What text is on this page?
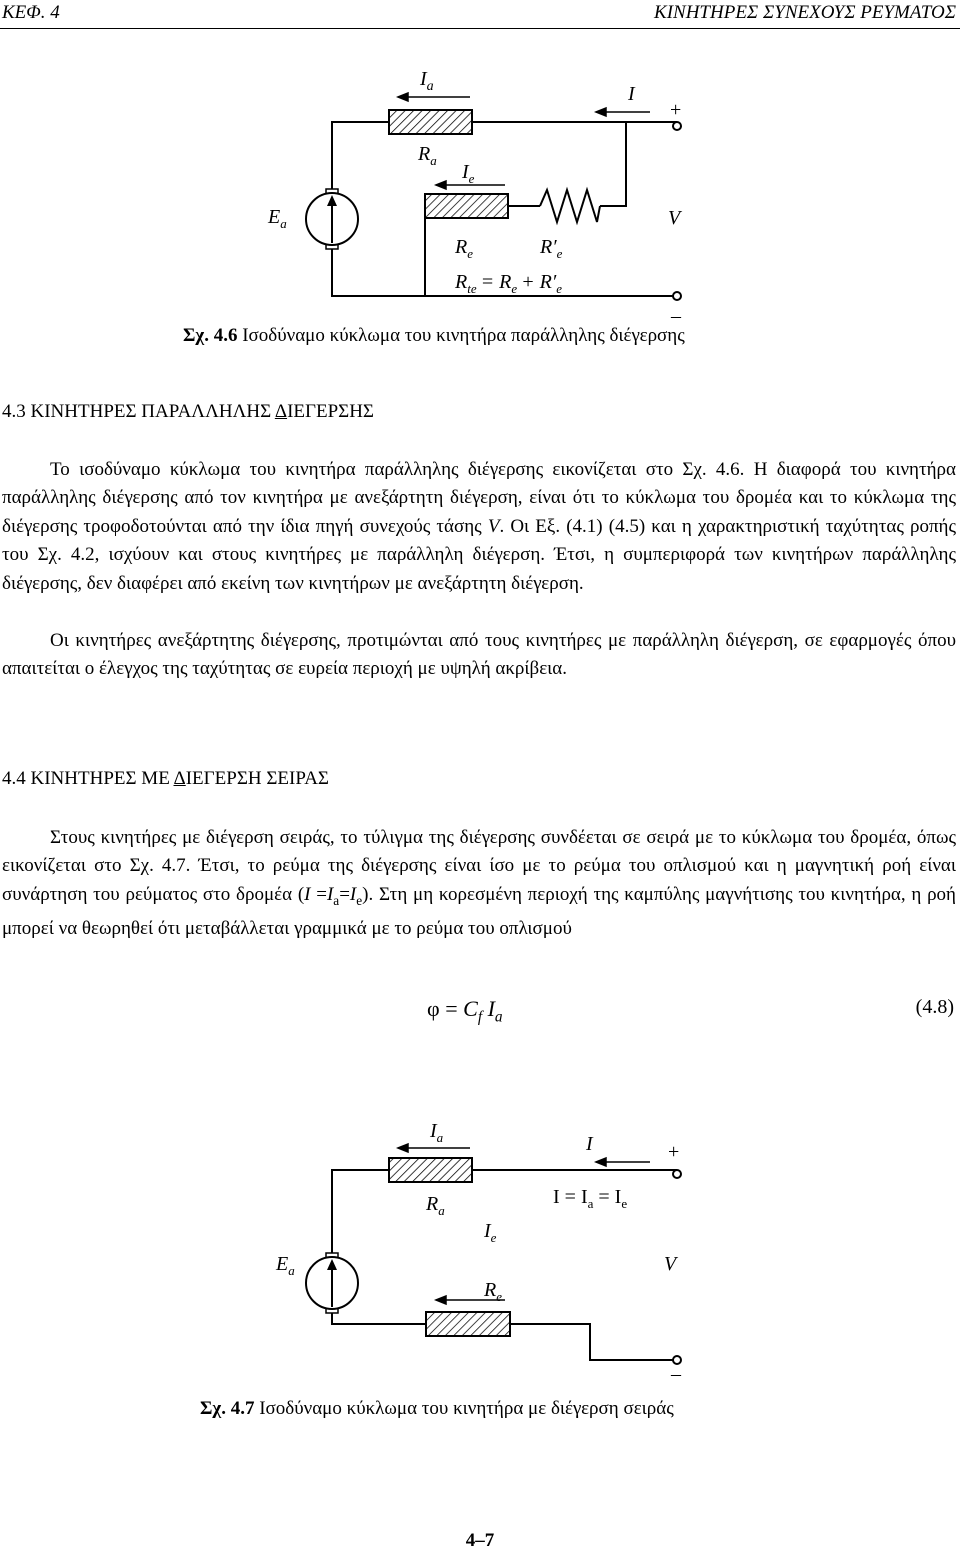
ΚΕΦ. 4	ΚΙΝΗΤΗΡΕΣ ΣΥΝΕΧΟΥΣ ΡΕΥΜΑΤΟΣ
$I_a$	I
+
$R_a$
$I_e$
$E_a$	V
$R_e$	$R'_e$
$R_{te} = R_e + R'_e$
–
Σχ. 4.6 Ισοδύναμο κύκλωμα του κινητήρα παράλληλης διέγερσης
4.3 ΚΙΝΗΤΗΡΕΣ ΠΑΡΑΛΛΗΛΗΣ ΔΙΕΓΕΡΣΗΣ

Το ισοδύναμο κύκλωμα του κινητήρα παράλληλης διέγερσης εικονίζεται στο Σχ. 4.6. Η διαφορά του κινητήρα παράλληλης διέγερσης από τον κινητήρα με ανεξάρτητη διέγερση, είναι ότι το κύκλωμα του δρομέα και το κύκλωμα της διέγερσης τροφοδοτούνται από την ίδια πηγή συνεχούς τάσης V. Οι Εξ. (4.1) (4.5) και η χαρακτηριστική ταχύτητας ροπής του Σχ. 4.2, ισχύουν και στους κινητήρες με παράλληλη διέγερση. Έτσι, η συμπεριφορά των κινητήρων παράλληλης διέγερσης, δεν διαφέρει από εκείνη των κινητήρων με ανεξάρτητη διέγερση.

Οι κινητήρες ανεξάρτητης διέγερσης, προτιμώνται από τους κινητήρες με παράλληλη διέγερση, σε εφαρμογές όπου απαιτείται ο έλεγχος της ταχύτητας σε ευρεία περιοχή με υψηλή ακρίβεια.

4.4 ΚΙΝΗΤΗΡΕΣ ΜΕ ΔΙΕΓΕΡΣΗ ΣΕΙΡΑΣ

Στους κινητήρες με διέγερση σειράς, το τύλιγμα της διέγερσης συνδέεται σε σειρά με το κύκλωμα του δρομέα, όπως εικονίζεται στο Σχ. 4.7. Έτσι, το ρεύμα της διέγερσης είναι ίσο με το ρεύμα του οπλισμού και η μαγνητική ροή είναι συνάρτηση του ρεύματος στο δρομέα $(I =I_a=I_e)$. Στη μη κορεσμένη περιοχή της καμπύλης μαγνήτισης του κινητήρα, η ροή μπορεί να θεωρηθεί ότι μεταβάλλεται γραμμικά με το ρεύμα του οπλισμού

$\varphi = C_f$ $I_a$	(4.8)
$I_a$	I	+
$R_a$
$I = I_a = I_e$
$I_e$
$E_a$	V
$R_e$
–
Σχ. 4.7 Ισοδύναμο κύκλωμα του κινητήρα με διέγερση σειράς
4–7
